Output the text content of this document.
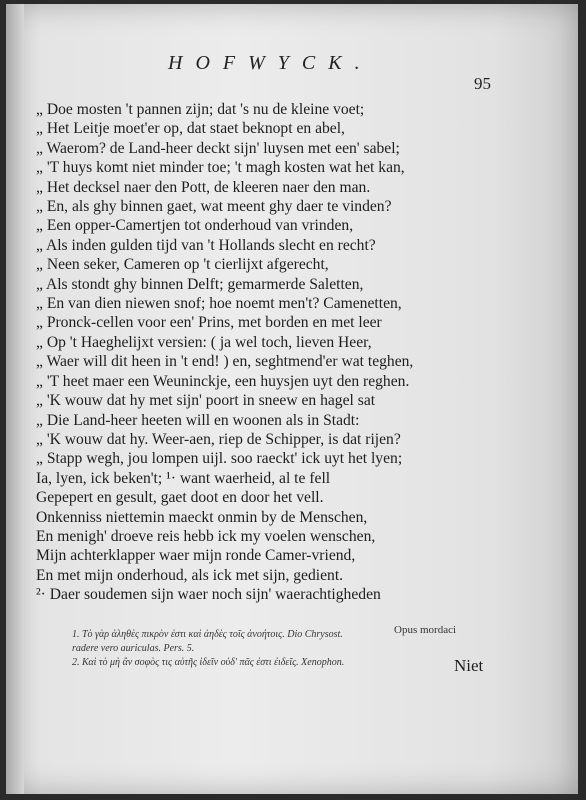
HOFWYCK.
95
„ Doe mosten 't pannen zijn; dat 's nu de kleine voet;
„ Het Leitje moet'er op, dat staet beknopt en abel,
„ Waerom? de Land-heer deckt sijn' luysen met een' sabel;
„ 'T huys komt niet minder toe; 't magh kosten wat het kan,
„ Het decksel naer den Pott, de kleeren naer den man.
„ En, als ghy binnen gaet, wat meent ghy daer te vinden?
„ Een opper-Camertjen tot onderhoud van vrinden,
„ Als inden gulden tijd van 't Hollands slecht en recht?
„ Neen seker, Cameren op 't cierlijxt afgerecht,
„ Als stondt ghy binnen Delft; gemarmerde Saletten,
„ En van dien niewen snof; hoe noemt men't? Camenetten,
„ Pronck-cellen voor een' Prins, met borden en met leer
„ Op 't Haeghelijxt versien: ( ja wel toch, lieven Heer,
„ Waer will dit heen in 't end! ) en, seghtmend'er wat teghen,
„ 'T heet maer een Weuninckje, een huysjen uyt den reghen.
„ 'K wouw dat hy met sijn' poort in sneew en hagel sat
„ Die Land-heer heeten will en woonen als in Stadt:
„ 'K wouw dat hy. Weer-aen, riep de Schipper, is dat rijen?
„ Stapp wegh, jou lompen uijl. soo raeckt' ick uyt het lyen;
Ia, lyen, ick beken't; ¹· want waerheid, al te fell
Gepepert en gesult, gaet doot en door het vell.
Onkenniss niettemin maeckt onmin by de Menschen,
En menigh' droeve reis hebb ick my voelen wenschen,
Mijn achterklapper waer mijn ronde Camer-vriend,
En met mijn onderhoud, als ick met sijn, gedient.
²· Daer soudemen sijn waer noch sijn' waerachtigheden
Opus mordaci
1. Τὸ γὰρ ἀληθὲς πικρὸν ἐστι καὶ ἀηδὲς τοῖς ἀνοήτοις. Dio Chrysost.
radere vero auriculas. Pers. 5.
2. Καὶ τὸ μὴ ἂν σοφὸς τις αὐτῆς ἰδεῖν οὐδ' πᾶς ἐστι ἐιδεῖς. Xenophon.	Niet
